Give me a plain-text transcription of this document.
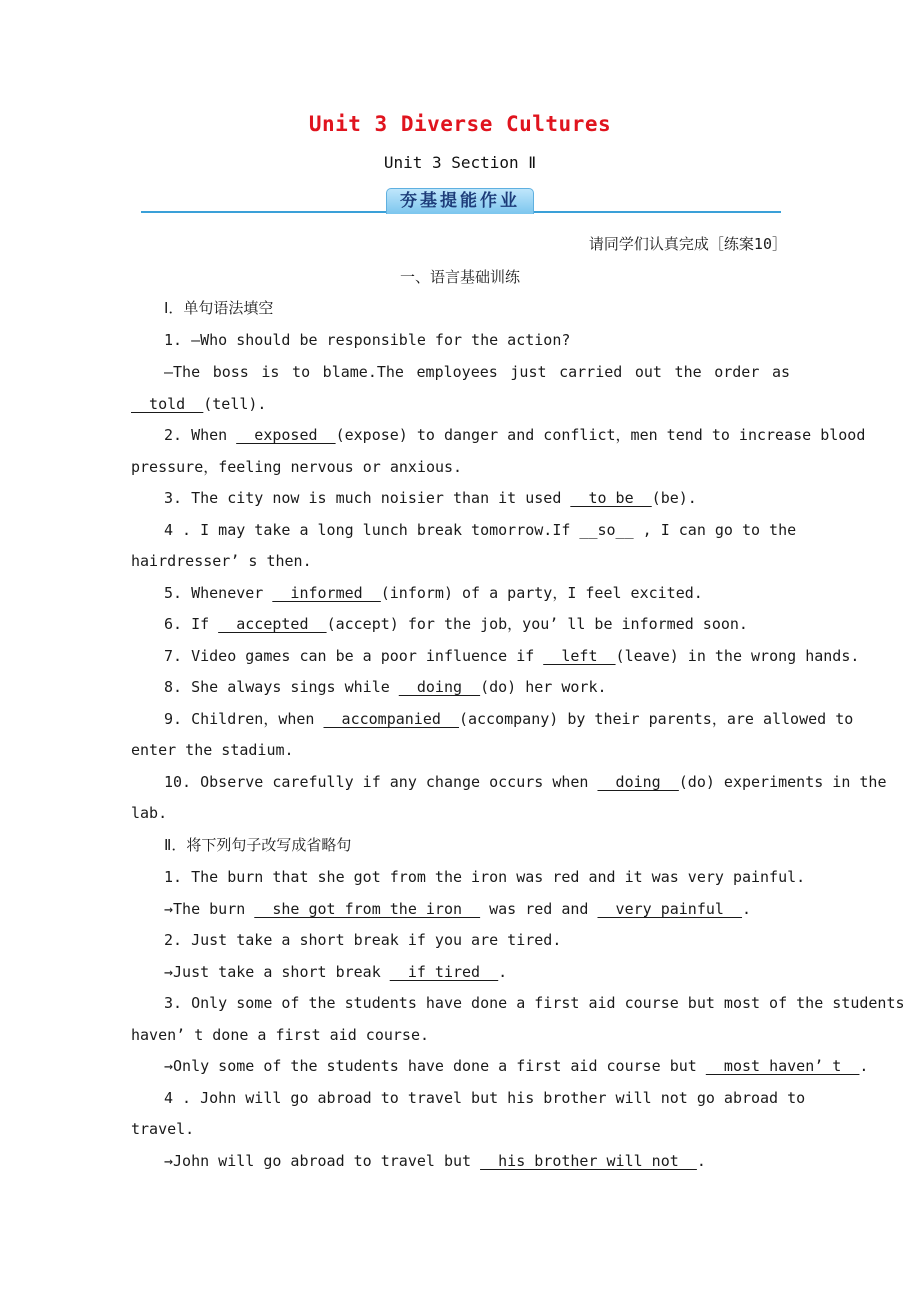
Unit 3 Diverse Cultures
Unit 3 Section Ⅱ
夯基提能作业
请同学们认真完成［练案10］
一、语言基础训练
Ⅰ．单句语法填空
1. —Who should be responsible for the action?
—The boss is to blame.The employees just carried out the order as
__told__(tell).
2. When __exposed__(expose) to danger and conflict，men tend to increase blood
pressure，feeling nervous or anxious.
3. The city now is much noisier than it used __to be__(be).
4 . I may take a long lunch break tomorrow.If __so__ , I can go to the
hairdresser’ s then.
5. Whenever __informed__(inform) of a party，I feel excited.
6. If __accepted__(accept) for the job，you’ ll be informed soon.
7. Video games can be a poor influence if __left__(leave) in the wrong hands.
8. She always sings while __doing__(do) her work.
9. Children，when __accompanied__(accompany) by their parents，are allowed to
enter the stadium.
10. Observe carefully if any change occurs when __doing__(do) experiments in the
lab.
Ⅱ．将下列句子改写成省略句
1. The burn that she got from the iron was red and it was very painful.
→The burn __she got from the iron__ was red and __very painful__.
2. Just take a short break if you are tired.
→Just take a short break __if tired__.
3. Only some of the students have done a first aid course but most of the students
haven’ t done a first aid course.
→Only some of the students have done a first aid course but __most haven’ t__.
4 . John will go abroad to travel but his brother will not go abroad to
travel.
→John will go abroad to travel but __his brother will not__.
